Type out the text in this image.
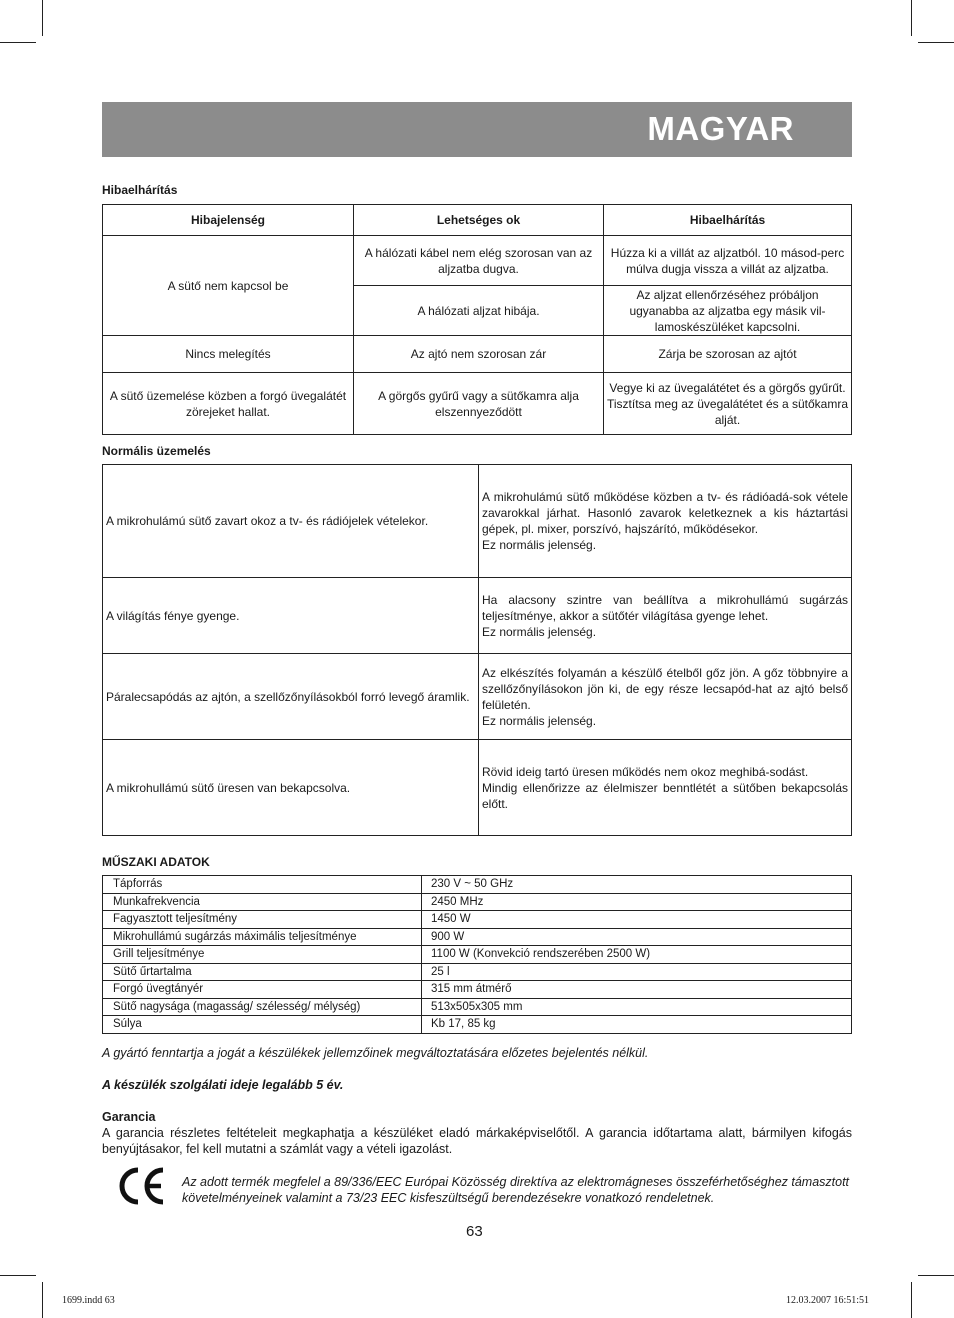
MAGYAR
Hibaelhárítás
Hibajelenség	Lehetséges ok	Hibaelhárítás
A sütő nem kapcsol be	A hálózati kábel nem elég szorosan van az aljzatba dugva.	Húzza ki a villát az aljzatból. 10 másod-perc múlva dugja vissza a villát az aljzatba.
	A hálózati aljzat hibája.	Az aljzat ellenőrzéséhez próbáljon ugyanabba az aljzatba egy másik vil-lamoskészüléket kapcsolni.
Nincs melegítés	Az ajtó nem szorosan zár	Zárja be szorosan az ajtót
A sütő üzemelése közben a forgó üvegalátét zörejeket hallat.	A görgős gyűrű vagy a sütőkamra alja elszennyeződött	Vegye ki az üvegalátétet és a görgős gyűrűt. Tisztítsa meg az üvegalátétet és a sütőkamra alját.
Normális üzemelés
A mikrohulámú sütő zavart okoz a tv- és rádiójelek vételekor.	A mikrohulámú sütő működése közben a tv- és rádióadá-sok vétele zavarokkal járhat. Hasonló zavarok keletkeznek a kis háztartási gépek, pl. mixer, porszívó, hajszárító, működésekor.
Ez normális jelenség.

A világítás fénye gyenge.	Ha alacsony szintre van beállítva a mikrohullámú sugárzás teljesítménye, akkor a sütőtér világítása gyenge lehet.
Ez normális jelenség.

Páralecsapódás az ajtón, a szellőzőnyílásokból forró levegő áramlik.	Az elkészítés folyamán a készülő ételből gőz jön. A gőz többnyire a szellőzőnyílásokon jön ki, de egy része lecsapód-hat az ajtó belső felületén.
Ez normális jelenség.

A mikrohullámú sütő üresen van bekapcsolva.	Rövid ideig tartó üresen működés nem okoz meghibá-sodást.
Mindig ellenőrizze az élelmiszer benntlétét a sütőben bekapcsolás előtt.
MŰSZAKI ADATOK
Tápforrás	230 V ~ 50 GHz
Munkafrekvencia	2450 MHz
Fagyasztott teljesítmény	1450 W
Mikrohullámú sugárzás máximális teljesítménye	900 W
Grill teljesítménye	1100 W (Konvekció rendszerében 2500 W)
Sütő űrtartalma	25 l
Forgó üvegtányér	315 mm átmérő
Sütő nagysága (magasság/ szélesség/ mélység)	513x505x305 mm
Súlya	Kb 17, 85 kg
A gyártó fenntartja a jogát a készülékek jellemzőinek megváltoztatására előzetes bejelentés nélkül.
A készülék szolgálati ideje legalább 5 év.
Garancia
A garancia részletes feltételeit megkaphatja a készüléket eladó márkaképviselőtől. A garancia időtartama alatt, bármilyen kifogás benyújtásakor, fel kell mutatni a számlát vagy a vételi igazolást.
Az adott termék megfelel a 89/336/EEC Európai Közösség direktíva az elektromágneses összeférhetőséghez támasztott követelményeinek valamint a 73/23 EEC kisfeszültségű berendezésekre vonatkozó rendeletnek.
63
1699.indd 63	12.03.2007 16:51:51
